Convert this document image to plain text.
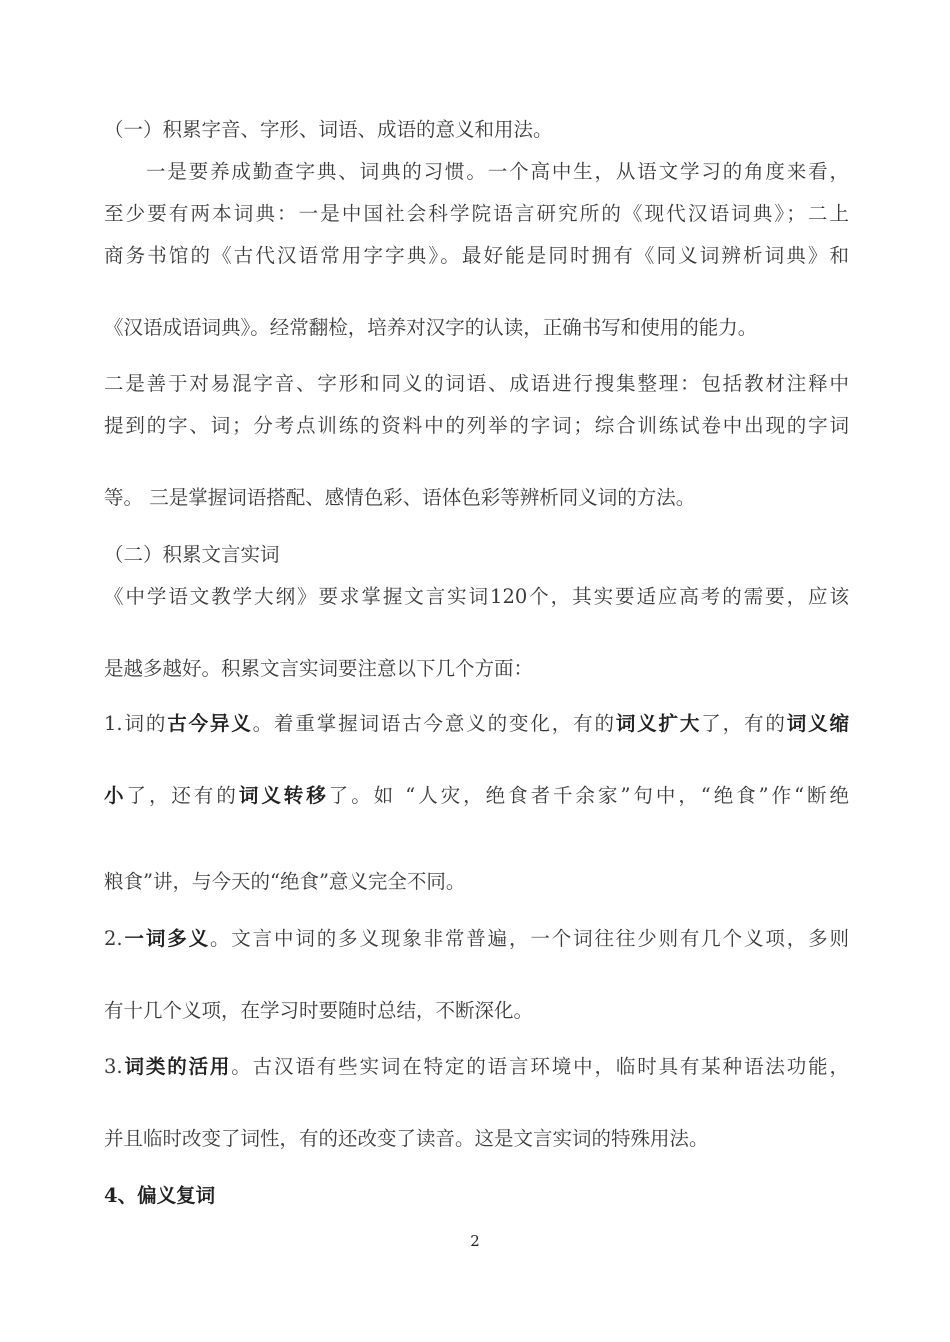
（一）积累字音、字形、词语、成语的意义和用法。
一是要养成勤查字典、词典的习惯。一个高中生，从语文学习的角度来看，
至少要有两本词典：一是中国社会科学院语言研究所的《现代汉语词典》；二上
商务书馆的《古代汉语常用字字典》。最好能是同时拥有《同义词辨析词典》和
《汉语成语词典》。经常翻检，培养对汉字的认读，正确书写和使用的能力。
二是善于对易混字音、字形和同义的词语、成语进行搜集整理：包括教材注释中
提到的字、词；分考点训练的资料中的列举的字词；综合训练试卷中出现的字词
等。 三是掌握词语搭配、感情色彩、语体色彩等辨析同义词的方法。
（二）积累文言实词
《中学语文教学大纲》要求掌握文言实词120个，其实要适应高考的需要，应该
是越多越好。积累文言实词要注意以下几个方面：
1.词的古今异义。着重掌握词语古今意义的变化，有的词义扩大了，有的词义缩
小了，还有的词义转移了。如 “人灾，绝食者千余家”句中，“绝食”作“断绝
粮食”讲，与今天的“绝食”意义完全不同。
2.一词多义。文言中词的多义现象非常普遍，一个词往往少则有几个义项，多则
有十几个义项，在学习时要随时总结，不断深化。
3.词类的活用。古汉语有些实词在特定的语言环境中，临时具有某种语法功能，
并且临时改变了词性，有的还改变了读音。这是文言实词的特殊用法。
4、偏义复词
2
